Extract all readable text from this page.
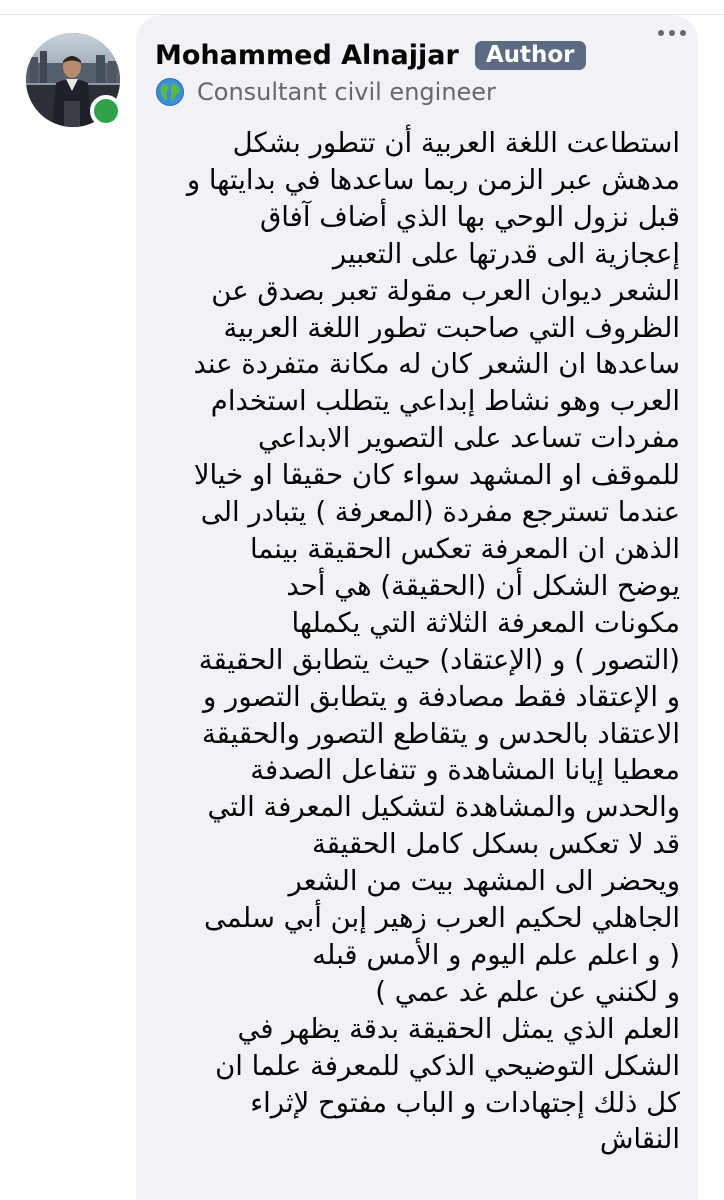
Mohammed Alnajjar	Author
Consultant civil engineer
استطاعت اللغة العربية أن تتطور بشكل
مدهش عبر الزمن ربما ساعدها في بدايتها و
قبل نزول الوحي بها الذي أضاف آفاق
إعجازية الى قدرتها على التعبير
الشعر ديوان العرب مقولة تعبر بصدق عن
الظروف التي صاحبت تطور اللغة العربية
ساعدها ان الشعر كان له مكانة متفردة عند
العرب وهو نشاط إبداعي يتطلب استخدام
مفردات تساعد على التصوير الابداعي
للموقف او المشهد سواء كان حقيقا او خيالا
عندما تسترجع مفردة (المعرفة ) يتبادر الى
الذهن ان المعرفة تعكس الحقيقة بينما
يوضح الشكل أن (الحقيقة) هي أحد
مكونات المعرفة الثلاثة التي يكملها
(التصور ) و (الإعتقاد) حيث يتطابق الحقيقة
و الإعتقاد فقط مصادفة و يتطابق التصور و
الاعتقاد بالحدس و يتقاطع التصور والحقيقة
معطيا إيانا المشاهدة و تتفاعل الصدفة
والحدس والمشاهدة لتشكيل المعرفة التي
قد لا تعكس بسكل كامل الحقيقة
ويحضر الى المشهد بيت من الشعر
الجاهلي لحكيم العرب زهير إبن أبي سلمى
( و اعلم علم اليوم و الأمس قبله
و لكنني عن علم غد عمي )
العلم الذي يمثل الحقيقة بدقة يظهر في
الشكل التوضيحي الذكي للمعرفة علما ان
كل ذلك إجتهادات و الباب مفتوح لإثراء
النقاش
